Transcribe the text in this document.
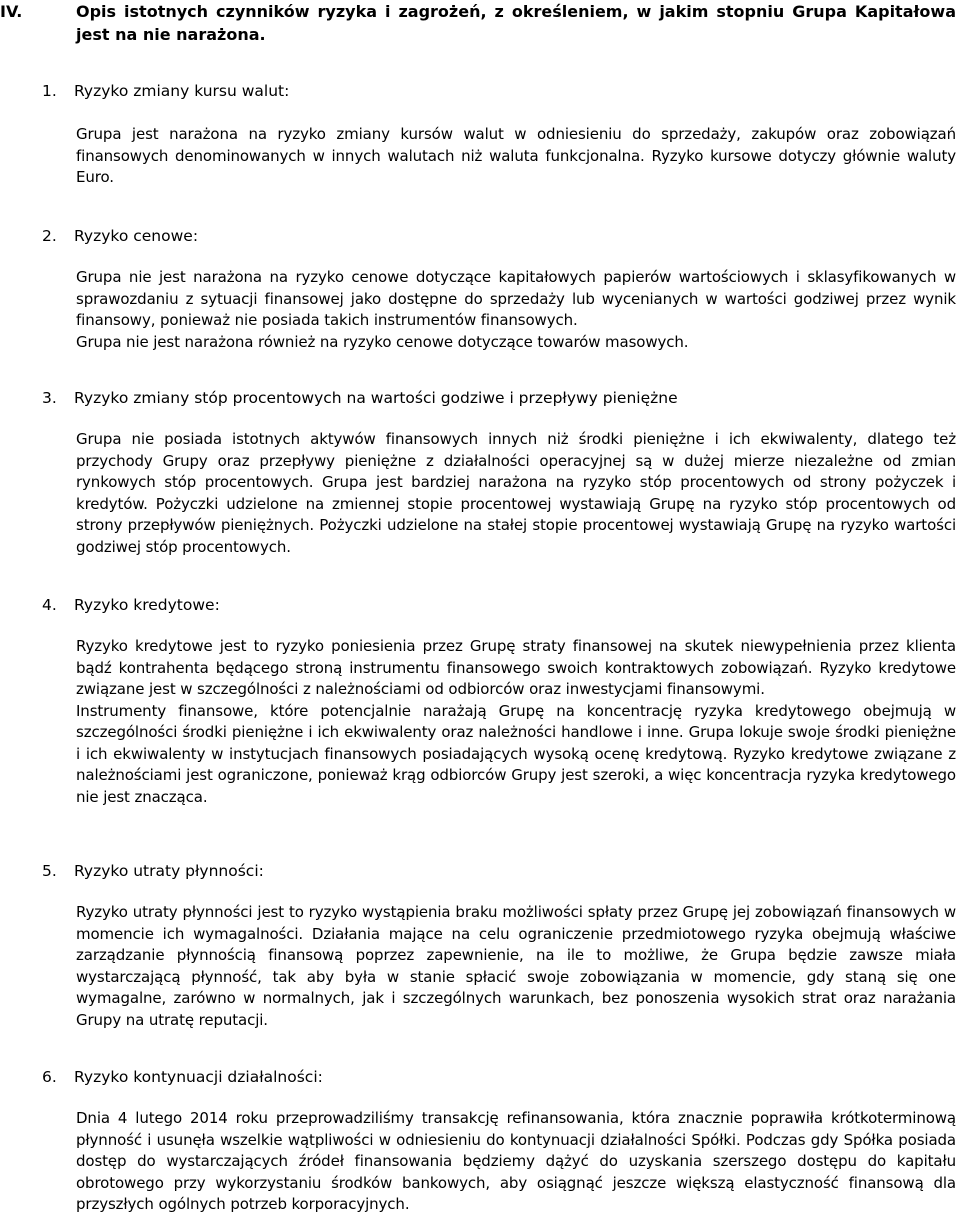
IV.	Opis istotnych czynników ryzyka i zagrożeń, z określeniem, w jakim stopniu Grupa Kapitałowa jest na nie narażona.
1. Ryzyko zmiany kursu walut:

Grupa jest narażona na ryzyko zmiany kursów walut w odniesieniu do sprzedaży, zakupów oraz zobowiązań finansowych denominowanych w innych walutach niż waluta funkcjonalna. Ryzyko kursowe dotyczy głównie waluty Euro.

2. Ryzyko cenowe:

Grupa nie jest narażona na ryzyko cenowe dotyczące kapitałowych papierów wartościowych i sklasyfikowanych w sprawozdaniu z sytuacji finansowej jako dostępne do sprzedaży lub wycenianych w wartości godziwej przez wynik finansowy, ponieważ nie posiada takich instrumentów finansowych.

Grupa nie jest narażona również na ryzyko cenowe dotyczące towarów masowych.

3. Ryzyko zmiany stóp procentowych na wartości godziwe i przepływy pieniężne

Grupa nie posiada istotnych aktywów finansowych innych niż środki pieniężne i ich ekwiwalenty, dlatego też przychody Grupy oraz przepływy pieniężne z działalności operacyjnej są w dużej mierze niezależne od zmian rynkowych stóp procentowych. Grupa jest bardziej narażona na ryzyko stóp procentowych od strony pożyczek i kredytów. Pożyczki udzielone na zmiennej stopie procentowej wystawiają Grupę na ryzyko stóp procentowych od strony przepływów pieniężnych. Pożyczki udzielone na stałej stopie procentowej wystawiają Grupę na ryzyko wartości godziwej stóp procentowych.

4. Ryzyko kredytowe:

Ryzyko kredytowe jest to ryzyko poniesienia przez Grupę straty finansowej na skutek niewypełnienia przez klienta bądź kontrahenta będącego stroną instrumentu finansowego swoich kontraktowych zobowiązań. Ryzyko kredytowe związane jest w szczególności z należnościami od odbiorców oraz inwestycjami finansowymi.

Instrumenty finansowe, które potencjalnie narażają Grupę na koncentrację ryzyka kredytowego obejmują w szczególności środki pieniężne i ich ekwiwalenty oraz należności handlowe i inne. Grupa lokuje swoje środki pieniężne i ich ekwiwalenty w instytucjach finansowych posiadających wysoką ocenę kredytową. Ryzyko kredytowe związane z należnościami jest ograniczone, ponieważ krąg odbiorców Grupy jest szeroki, a więc koncentracja ryzyka kredytowego nie jest znacząca.

5. Ryzyko utraty płynności:

Ryzyko utraty płynności jest to ryzyko wystąpienia braku możliwości spłaty przez Grupę jej zobowiązań finansowych w momencie ich wymagalności. Działania mające na celu ograniczenie przedmiotowego ryzyka obejmują właściwe zarządzanie płynnością finansową poprzez zapewnienie, na ile to możliwe, że Grupa będzie zawsze miała wystarczającą płynność, tak aby była w stanie spłacić swoje zobowiązania w momencie, gdy staną się one wymagalne, zarówno w normalnych, jak i szczególnych warunkach, bez ponoszenia wysokich strat oraz narażania Grupy na utratę reputacji.

6. Ryzyko kontynuacji działalności:

Dnia 4 lutego 2014 roku przeprowadziliśmy transakcję refinansowania, która znacznie poprawiła krótkoterminową płynność i usunęła wszelkie wątpliwości w odniesieniu do kontynuacji działalności Spółki. Podczas gdy Spółka posiada dostęp do wystarczających źródeł finansowania będziemy dążyć do uzyskania szerszego dostępu do kapitału obrotowego przy wykorzystaniu środków bankowych, aby osiągnąć jeszcze większą elastyczność finansową dla przyszłych ogólnych potrzeb korporacyjnych.
